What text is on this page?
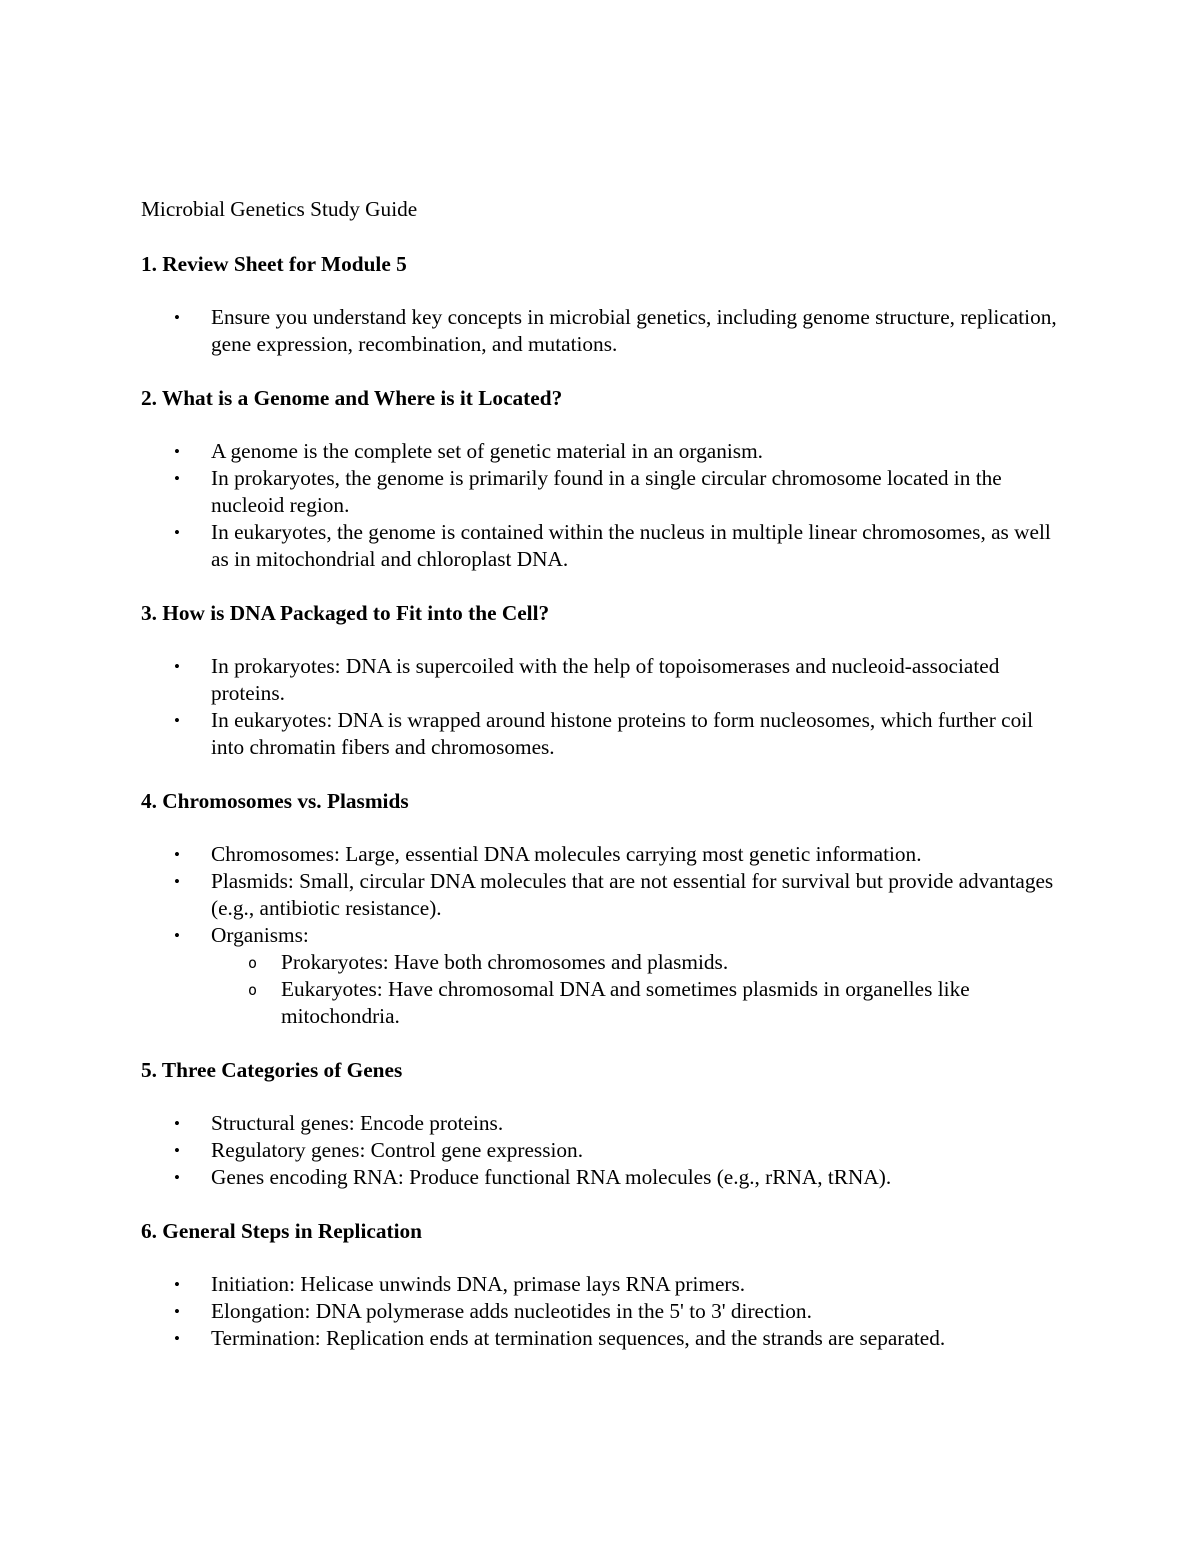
Microbial Genetics Study Guide

1. Review Sheet for Module 5

• Ensure you understand key concepts in microbial genetics, including genome structure, replication, gene expression, recombination, and mutations.

2. What is a Genome and Where is it Located?

• A genome is the complete set of genetic material in an organism.
• In prokaryotes, the genome is primarily found in a single circular chromosome located in the nucleoid region.
• In eukaryotes, the genome is contained within the nucleus in multiple linear chromosomes, as well as in mitochondrial and chloroplast DNA.

3. How is DNA Packaged to Fit into the Cell?

• In prokaryotes: DNA is supercoiled with the help of topoisomerases and nucleoid-associated proteins.
• In eukaryotes: DNA is wrapped around histone proteins to form nucleosomes, which further coil into chromatin fibers and chromosomes.

4. Chromosomes vs. Plasmids

• Chromosomes: Large, essential DNA molecules carrying most genetic information.
• Plasmids: Small, circular DNA molecules that are not essential for survival but provide advantages (e.g., antibiotic resistance).
• Organisms:
o Prokaryotes: Have both chromosomes and plasmids.
o Eukaryotes: Have chromosomal DNA and sometimes plasmids in organelles like mitochondria.

5. Three Categories of Genes

• Structural genes: Encode proteins.
• Regulatory genes: Control gene expression.
• Genes encoding RNA: Produce functional RNA molecules (e.g., rRNA, tRNA).

6. General Steps in Replication

• Initiation: Helicase unwinds DNA, primase lays RNA primers.
• Elongation: DNA polymerase adds nucleotides in the 5' to 3' direction.
• Termination: Replication ends at termination sequences, and the strands are separated.
